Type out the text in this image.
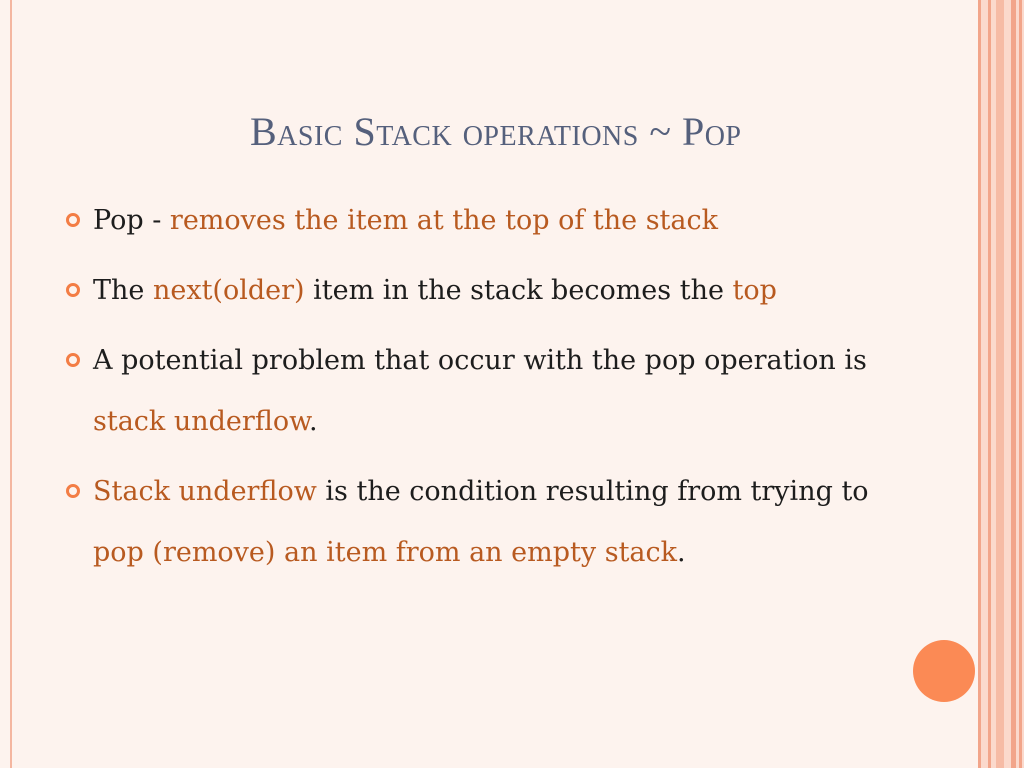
Basic Stack operations ~ Pop
Pop - removes the item at the top of the stack
The next(older) item in the stack becomes the top
A potential problem that occur with the pop operation is stack underflow.
Stack underflow is the condition resulting from trying to pop (remove) an item from an empty stack.
